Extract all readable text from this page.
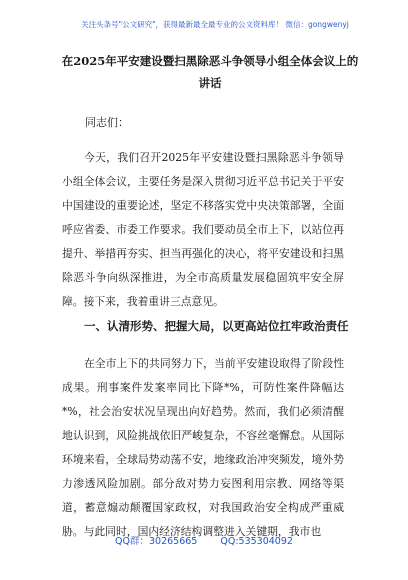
关注头条号"公文研究"，获得最新最全最专业的公文资料库！ 微信：gongwenyj
在2025年平安建设暨扫黑除恶斗争领导小组全体会议上的
讲话
同志们：
今天，我们召开2025年平安建设暨扫黑除恶斗争领导小组全体会议，主要任务是深入贯彻习近平总书记关于平安中国建设的重要论述，坚定不移落实党中央决策部署，全面呼应省委、市委工作要求。我们要动员全市上下，以站位再提升、举措再夯实、担当再强化的决心，将平安建设和扫黑除恶斗争向纵深推进，为全市高质量发展稳固筑牢安全屏障。接下来，我着重讲三点意见。
一、认清形势、把握大局，以更高站位扛牢政治责任
在全市上下的共同努力下，当前平安建设取得了阶段性成果。刑事案件发案率同比下降*%，可防性案件降幅达*%，社会治安状况呈现出向好趋势。然而，我们必须清醒地认识到，风险挑战依旧严峻复杂，不容丝毫懈怠。从国际环境来看，全球局势动荡不安，地缘政治冲突频发，境外势力渗透风险加剧。部分敌对势力妄图利用宗教、网络等渠道，蓄意煽动颠覆国家政权，对我国政治安全构成严重威胁。与此同时，国内经济结构调整进入关键期，我市也
QQ群：30265665 QQ:535304092
